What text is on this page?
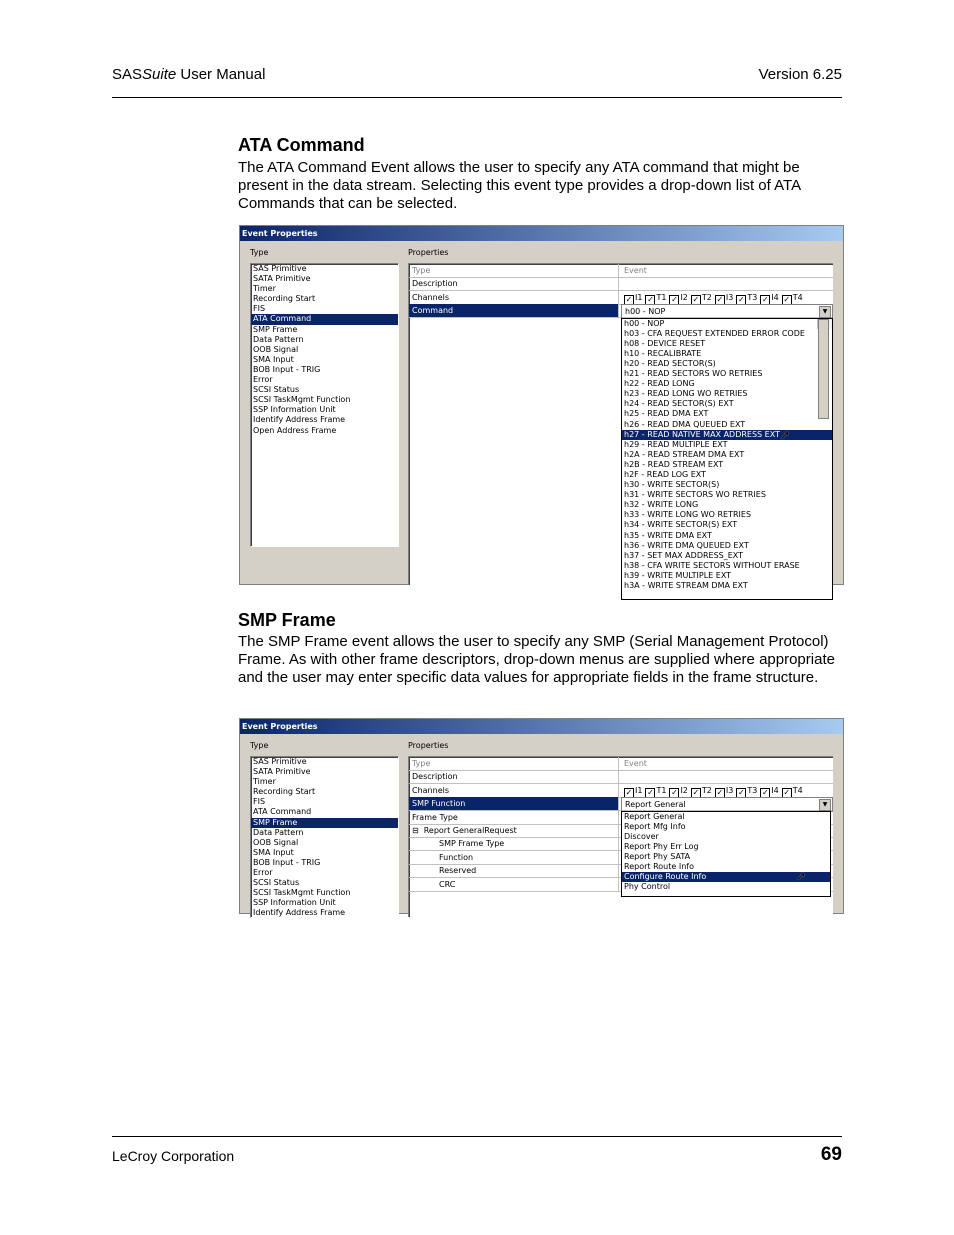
SASSuite User Manual	Version 6.25
ATA Command
The ATA Command Event allows the user to specify any ATA command that might be present in the data stream. Selecting this event type provides a drop-down list of ATA Commands that can be selected.
Event Properties
Type	Properties
SAS Primitive
SATA Primitive
Timer
Recording Start
FIS
ATA Command
SMP Frame
Data Pattern
OOB Signal
SMA Input
BOB Input - TRIG
Error
SCSI Status
SCSI TaskMgmt Function
SSP Information Unit
Identify Address Frame
Open Address Frame
Type	Event
Description
Channels	✓ I1 ✓ T1 ✓ I2 ✓ T2 ✓ I3 ✓ T3 ✓ I4 ✓ T4
Command	h00 - NOP	▼
h00 - NOP
h03 - CFA REQUEST EXTENDED ERROR CODE
h08 - DEVICE RESET
h10 - RECALIBRATE
h20 - READ SECTOR(S)
h21 - READ SECTORS WO RETRIES
h22 - READ LONG
h23 - READ LONG WO RETRIES
h24 - READ SECTOR(S) EXT
h25 - READ DMA EXT
h26 - READ DMA QUEUED EXT
h27 - READ NATIVE MAX ADDRESS EXT ➚
h29 - READ MULTIPLE EXT
h2A - READ STREAM DMA EXT
h2B - READ STREAM EXT
h2F - READ LOG EXT
h30 - WRITE SECTOR(S)
h31 - WRITE SECTORS WO RETRIES
h32 - WRITE LONG
h33 - WRITE LONG WO RETRIES
h34 - WRITE SECTOR(S) EXT
h35 - WRITE DMA EXT
h36 - WRITE DMA QUEUED EXT
h37 - SET MAX ADDRESS_EXT
h38 - CFA WRITE SECTORS WITHOUT ERASE
h39 - WRITE MULTIPLE EXT
h3A - WRITE STREAM DMA EXT
SMP Frame
The SMP Frame event allows the user to specify any SMP (Serial Management Protocol) Frame. As with other frame descriptors, drop-down menus are supplied where appropriate and the user may enter specific data values for appropriate fields in the frame structure.
Event Properties
Type	Properties
SAS Primitive
SATA Primitive
Timer
Recording Start
FIS
ATA Command
SMP Frame
Data Pattern
OOB Signal
SMA Input
BOB Input - TRIG
Error
SCSI Status
SCSI TaskMgmt Function
SSP Information Unit
Identify Address Frame
Type	Event
Description
Channels	✓ I1 ✓ T1 ✓ I2 ✓ T2 ✓ I3 ✓ T3 ✓ I4 ✓ T4
SMP Function	Report General	▼
Frame Type
⊟ Report GeneralRequest
SMP Frame Type
Function
Reserved
CRC
Report General
Report Mfg Info
Discover
Report Phy Err Log
Report Phy SATA
Report Route Info
Configure Route Info	➚
Phy Control
LeCroy Corporation	69
